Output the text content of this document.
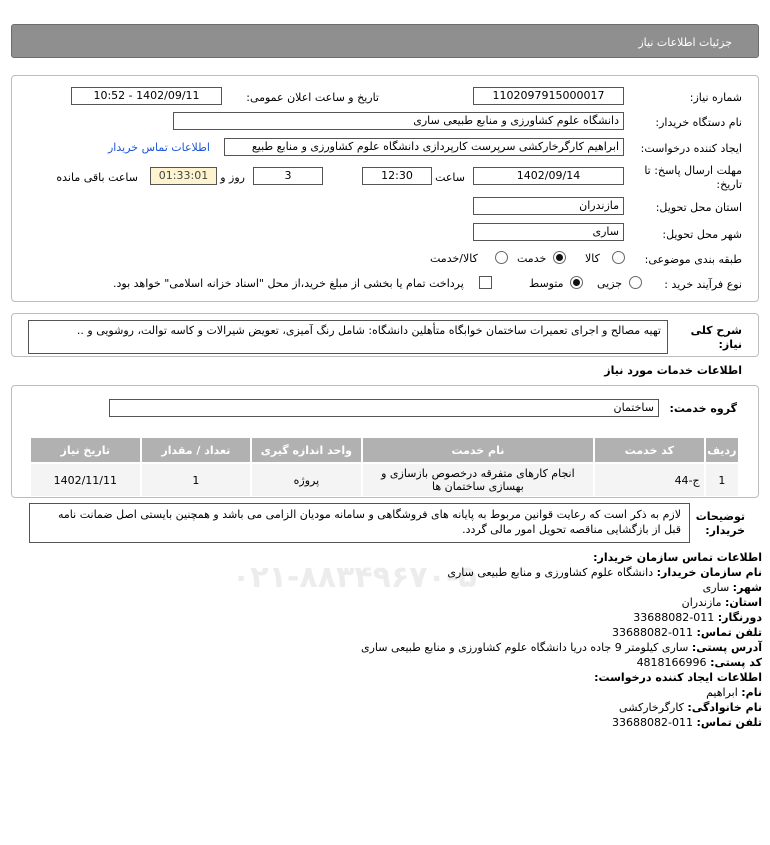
۰۲۱-۸۸۳۴۹۶۷۰-۵
جزئیات اطلاعات نیاز
شماره نیاز:
1102097915000017
تاریخ و ساعت اعلان عمومی:
1402/09/11 - 10:52
نام دستگاه خریدار:
دانشگاه علوم کشاورزی و منابع طبیعی ساری
ایجاد کننده درخواست:
ابراهیم کارگرخارکشی سرپرست کارپردازی دانشگاه علوم کشاورزی و منابع طبیع
اطلاعات تماس خریدار
مهلت ارسال پاسخ: تا
تاریخ:
1402/09/14
ساعت
12:30
3
روز و
01:33:01
ساعت باقی مانده
استان محل تحویل:
مازندران
شهر محل تحویل:
ساری
طبقه بندی موضوعی:
کالا
خدمت
کالا/خدمت
نوع فرآیند خرید :
جزیی
متوسط
پرداخت تمام یا بخشی از مبلغ خرید،از محل "اسناد خزانه اسلامی" خواهد بود.
شرح کلی نیاز:
تهیه مصالح و اجرای تعمیرات ساختمان خوابگاه متأهلین دانشگاه: شامل رنگ آمیزی، تعویض شیرالات و کاسه توالت، روشویی و ..
اطلاعات خدمات مورد نیاز
گروه خدمت:
ساختمان
ردیف	کد خدمت	نام خدمت	واحد اندازه گیری	تعداد / مقدار	تاریخ نیاز
1	ج-44	انجام کارهای متفرقه درخصوص بازسازی و بهسازی ساختمان ها	پروژه	1	1402/11/11
توضیحات خریدار:
لازم به ذکر است که رعایت قوانین مربوط به پایانه های فروشگاهی و سامانه مودیان الزامی می باشد و همچنین بایستی اصل ضمانت نامه قبل از بازگشایی مناقصه تحویل امور مالی گردد.
اطلاعات تماس سازمان خریدار:
نام سازمان خریدار: دانشگاه علوم کشاورزی و منابع طبیعی ساری
شهر: ساری
استان: مازندران
دورنگار: 011-33688082
تلفن تماس: 011-33688082
آدرس پستی: ساری کیلومتر 9 جاده دریا دانشگاه علوم کشاورزی و منابع طبیعی ساری
کد پستی: 4818166996
اطلاعات ایجاد کننده درخواست:
نام: ابراهیم
نام خانوادگی: کارگرخارکشی
تلفن تماس: 011-33688082
